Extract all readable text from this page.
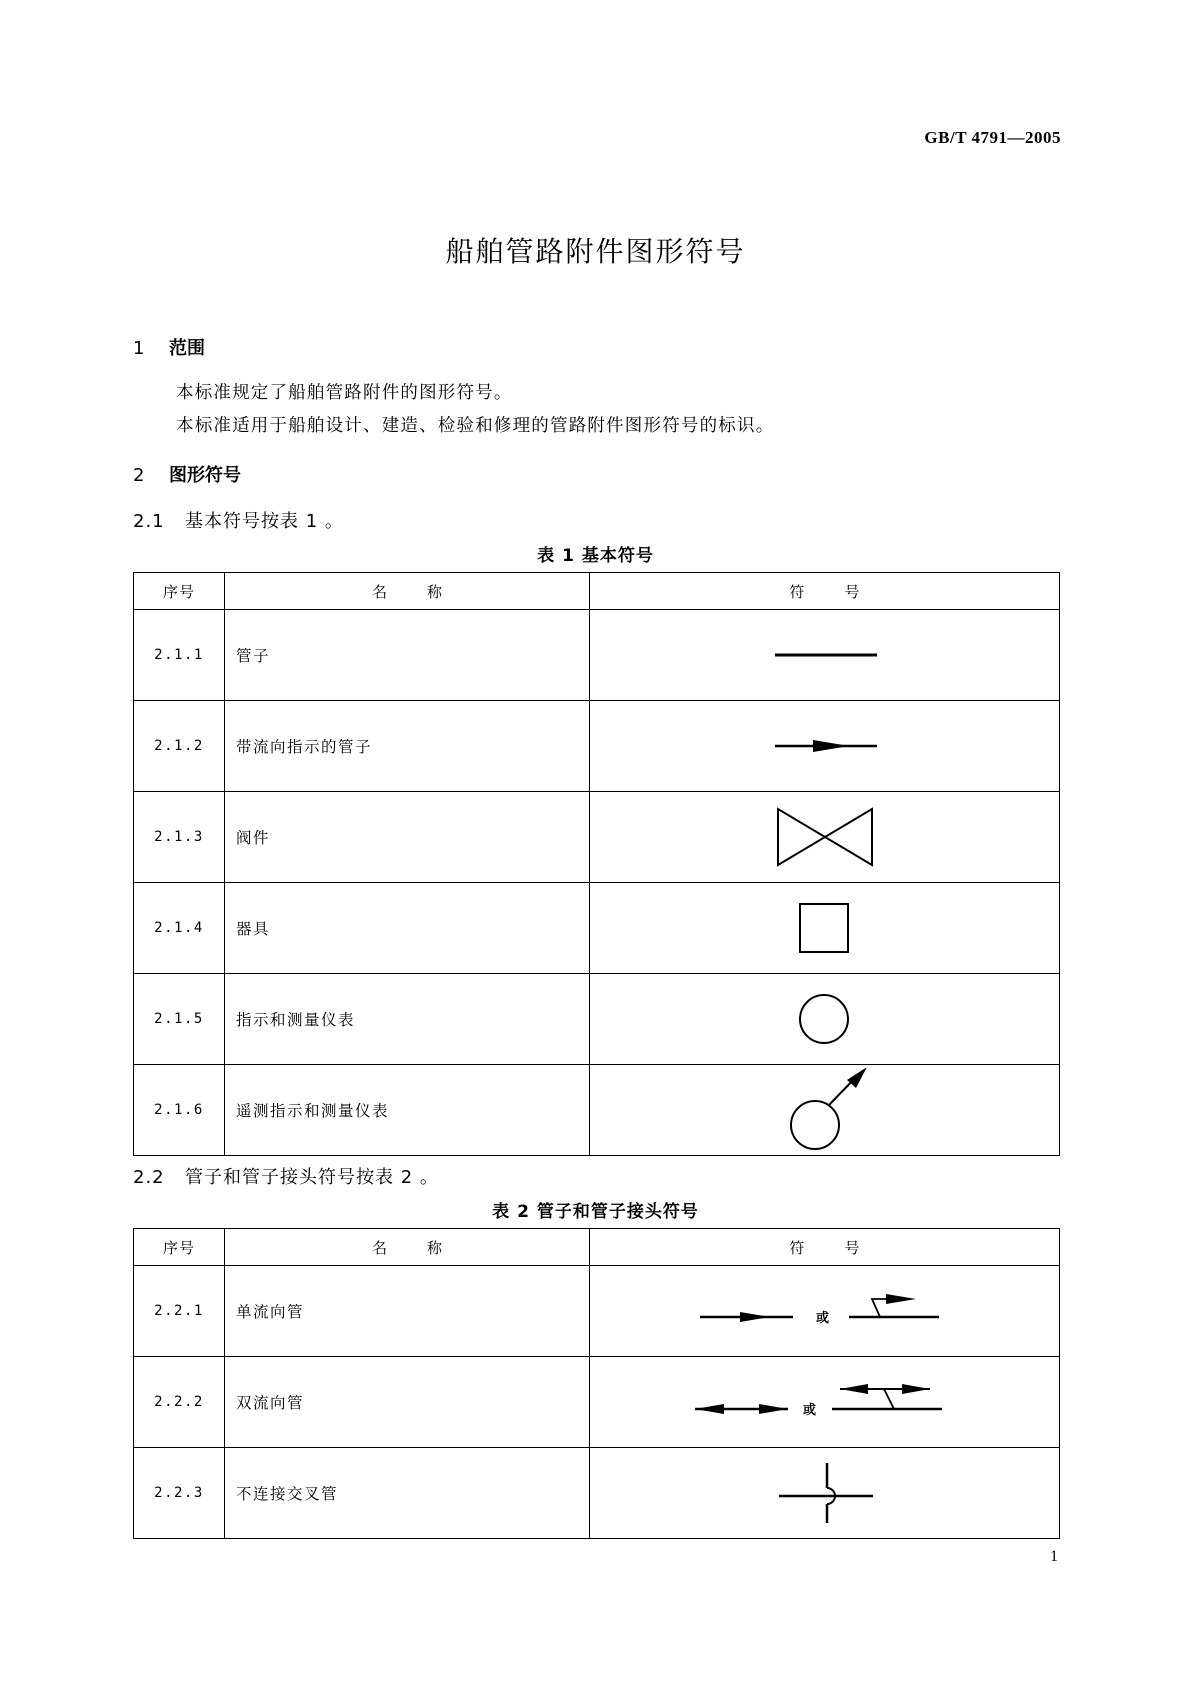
GB/T 4791—2005
船舶管路附件图形符号
1 范围
本标准规定了船舶管路附件的图形符号。
本标准适用于船舶设计、建造、检验和修理的管路附件图形符号的标识。
2 图形符号
2.1 基本符号按表 1 。
表 1 基本符号
序号	名称	符号
2.1.1	管子	

2.1.2	带流向指示的管子	

2.1.3	阀件	

2.1.4	器具	

2.1.5	指示和测量仪表	

2.1.6	遥测指示和测量仪表	
2.2 管子和管子接头符号按表 2 。
表 2 管子和管子接头符号
序号	名称	符号
2.2.1	单流向管	或

2.2.2	双流向管	或

2.2.3	不连接交叉管	
1
